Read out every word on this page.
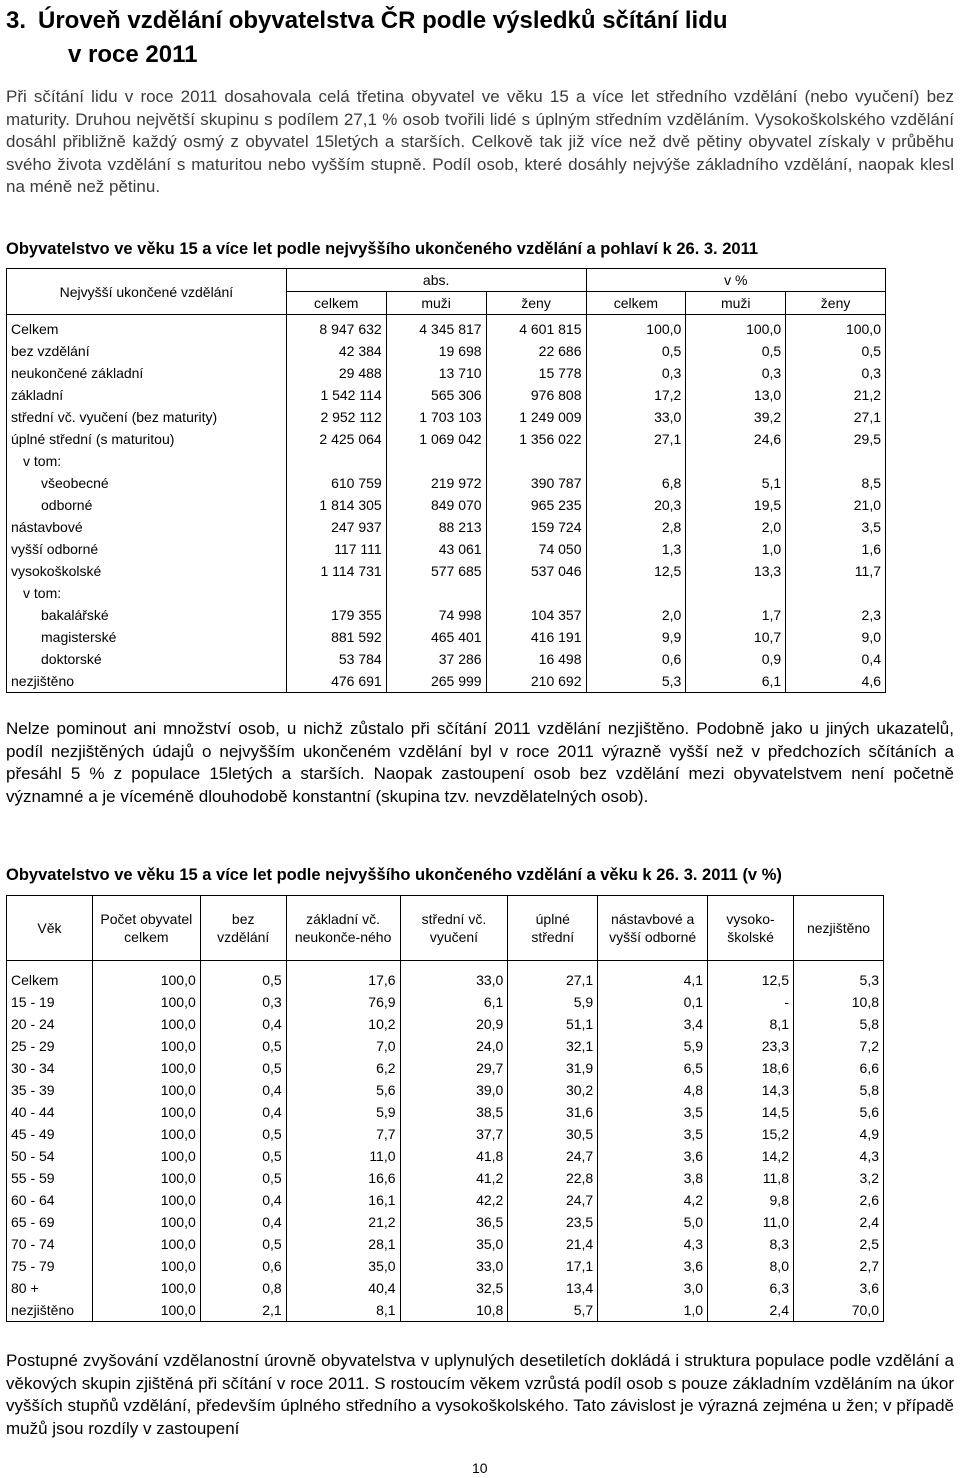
3. Úroveň vzdělání obyvatelstva ČR podle výsledků sčítání lidu
v roce 2011

Při sčítání lidu v roce 2011 dosahovala celá třetina obyvatel ve věku 15 a více let středního vzdělání (nebo vyučení) bez maturity. Druhou největší skupinu s podílem 27,1 % osob tvořili lidé s úplným středním vzděláním. Vysokoškolského vzdělání dosáhl přibližně každý osmý z obyvatel 15letých a starších. Celkově tak již více než dvě pětiny obyvatel získaly v průběhu svého života vzdělání s maturitou nebo vyšším stupně. Podíl osob, které dosáhly nejvýše základního vzdělání, naopak klesl na méně než pětinu.

Obyvatelstvo ve věku 15 a více let podle nejvyššího ukončeného vzdělání a pohlaví k 26. 3. 2011

Nejvyšší ukončené vzdělání	abs.			v %		
	celkem	muži	ženy	celkem	muži	ženy
Celkem	8 947 632	4 345 817	4 601 815	100,0	100,0	100,0
bez vzdělání	42 384	19 698	22 686	0,5	0,5	0,5
neukončené základní	29 488	13 710	15 778	0,3	0,3	0,3
základní	1 542 114	565 306	976 808	17,2	13,0	21,2
střední vč. vyučení (bez maturity)	2 952 112	1 703 103	1 249 009	33,0	39,2	27,1
úplné střední (s maturitou)	2 425 064	1 069 042	1 356 022	27,1	24,6	29,5
v tom:						
všeobecné	610 759	219 972	390 787	6,8	5,1	8,5
odborné	1 814 305	849 070	965 235	20,3	19,5	21,0
nástavbové	247 937	88 213	159 724	2,8	2,0	3,5
vyšší odborné	117 111	43 061	74 050	1,3	1,0	1,6
vysokoškolské	1 114 731	577 685	537 046	12,5	13,3	11,7
v tom:						
bakalářské	179 355	74 998	104 357	2,0	1,7	2,3
magisterské	881 592	465 401	416 191	9,9	10,7	9,0
doktorské	53 784	37 286	16 498	0,6	0,9	0,4
nezjištěno	476 691	265 999	210 692	5,3	6,1	4,6

Nelze pominout ani množství osob, u nichž zůstalo při sčítání 2011 vzdělání nezjištěno. Podobně jako u jiných ukazatelů, podíl nezjištěných údajů o nejvyšším ukončeném vzdělání byl v roce 2011 výrazně vyšší než v předchozích sčítáních a přesáhl 5 % z populace 15letých a starších. Naopak zastoupení osob bez vzdělání mezi obyvatelstvem není početně významné a je víceméně dlouhodobě konstantní (skupina tzv. nevzdělatelných osob).

Obyvatelstvo ve věku 15 a více let podle nejvyššího ukončeného vzdělání a věku k 26. 3. 2011 (v %)

Věk	Počet obyvatel celkem	bez vzdělání	základní vč. neukonče-ného	střední vč. vyučení	úplné střední	nástavbové a vyšší odborné	vysoko-školské	nezjištěno
Celkem	100,0	0,5	17,6	33,0	27,1	4,1	12,5	5,3
15 - 19	100,0	0,3	76,9	6,1	5,9	0,1	-	10,8
20 - 24	100,0	0,4	10,2	20,9	51,1	3,4	8,1	5,8
25 - 29	100,0	0,5	7,0	24,0	32,1	5,9	23,3	7,2
30 - 34	100,0	0,5	6,2	29,7	31,9	6,5	18,6	6,6
35 - 39	100,0	0,4	5,6	39,0	30,2	4,8	14,3	5,8
40 - 44	100,0	0,4	5,9	38,5	31,6	3,5	14,5	5,6
45 - 49	100,0	0,5	7,7	37,7	30,5	3,5	15,2	4,9
50 - 54	100,0	0,5	11,0	41,8	24,7	3,6	14,2	4,3
55 - 59	100,0	0,5	16,6	41,2	22,8	3,8	11,8	3,2
60 - 64	100,0	0,4	16,1	42,2	24,7	4,2	9,8	2,6
65 - 69	100,0	0,4	21,2	36,5	23,5	5,0	11,0	2,4
70 - 74	100,0	0,5	28,1	35,0	21,4	4,3	8,3	2,5
75 - 79	100,0	0,6	35,0	33,0	17,1	3,6	8,0	2,7
80 +	100,0	0,8	40,4	32,5	13,4	3,0	6,3	3,6
nezjištěno	100,0	2,1	8,1	10,8	5,7	1,0	2,4	70,0

Postupné zvyšování vzdělanostní úrovně obyvatelstva v uplynulých desetiletích dokládá i struktura populace podle vzdělání a věkových skupin zjištěná při sčítání v roce 2011. S rostoucím věkem vzrůstá podíl osob s pouze základním vzděláním na úkor vyšších stupňů vzdělání, především úplného středního a vysokoškolského. Tato závislost je výrazná zejména u žen; v případě mužů jsou rozdíly v zastoupení

10
